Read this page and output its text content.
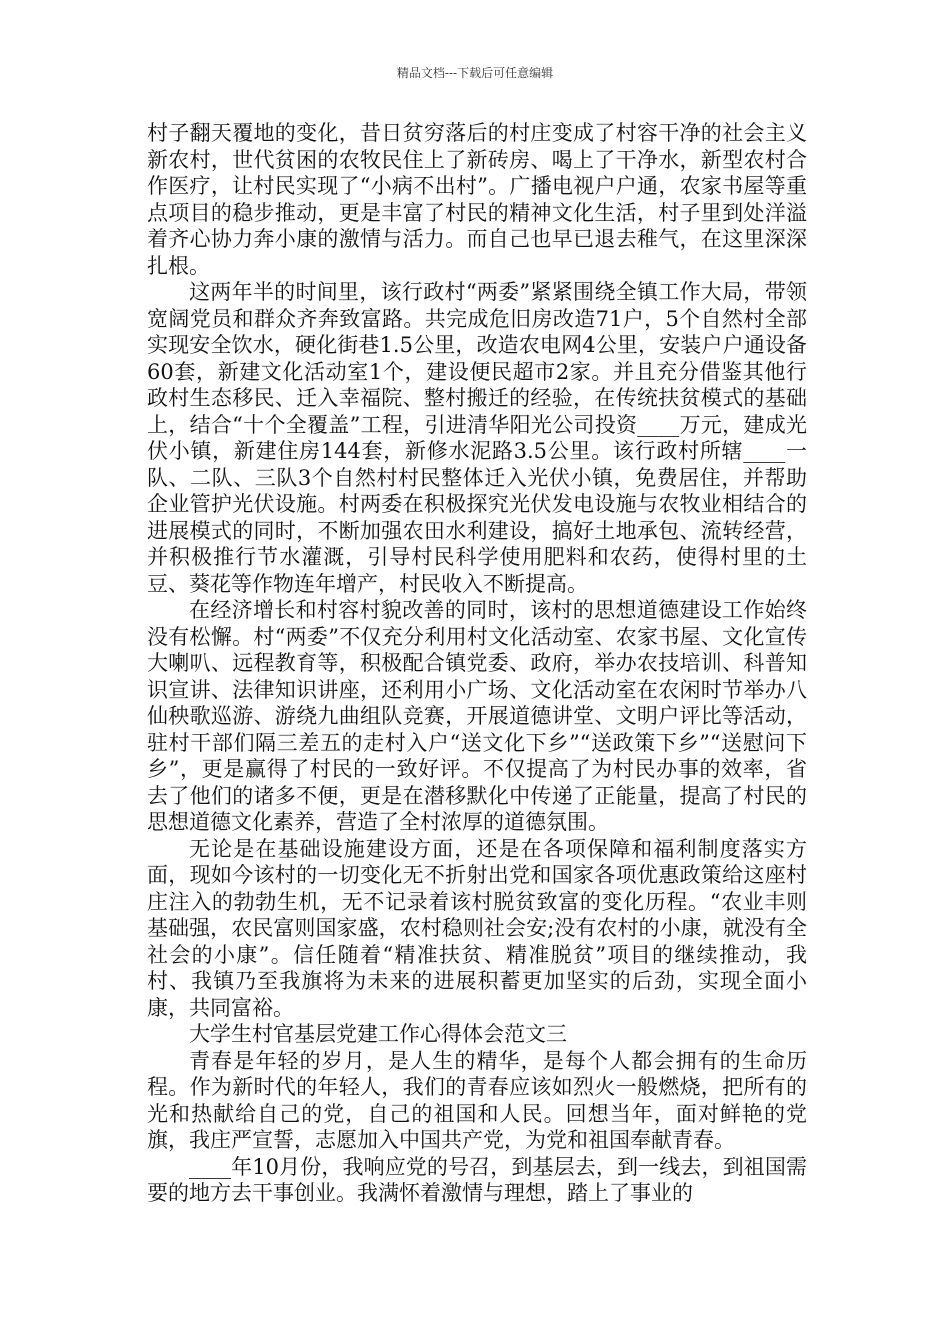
精品文档---下载后可任意编辑

村子翻天覆地的变化，昔日贫穷落后的村庄变成了村容干净的社会主义新农村，世代贫困的农牧民住上了新砖房、喝上了干净水，新型农村合作医疗，让村民实现了“小病不出村”。广播电视户户通，农家书屋等重点项目的稳步推动，更是丰富了村民的精神文化生活，村子里到处洋溢着齐心协力奔小康的激情与活力。而自己也早已退去稚气，在这里深深扎根。

这两年半的时间里，该行政村“两委”紧紧围绕全镇工作大局，带领宽阔党员和群众齐奔致富路。共完成危旧房改造71户，5个自然村全部实现安全饮水，硬化街巷1.5公里，改造农电网4公里，安装户户通设备60套，新建文化活动室1个，建设便民超市2家。并且充分借鉴其他行政村生态移民、迁入幸福院、整村搬迁的经验，在传统扶贫模式的基础上，结合“十个全覆盖”工程，引进清华阳光公司投资____万元，建成光伏小镇，新建住房144套，新修水泥路3.5公里。该行政村所辖____一队、二队、三队3个自然村村民整体迁入光伏小镇，免费居住，并帮助企业管护光伏设施。村两委在积极探究光伏发电设施与农牧业相结合的进展模式的同时，不断加强农田水利建设，搞好土地承包、流转经营，并积极推行节水灌溉，引导村民科学使用肥料和农药，使得村里的土豆、葵花等作物连年增产，村民收入不断提高。

在经济增长和村容村貌改善的同时，该村的思想道德建设工作始终没有松懈。村“两委”不仅充分利用村文化活动室、农家书屋、文化宣传大喇叭、远程教育等，积极配合镇党委、政府，举办农技培训、科普知识宣讲、法律知识讲座，还利用小广场、文化活动室在农闲时节举办八仙秧歌巡游、游绕九曲组队竞赛，开展道德讲堂、文明户评比等活动，驻村干部们隔三差五的走村入户“送文化下乡”“送政策下乡”“送慰问下乡”，更是赢得了村民的一致好评。不仅提高了为村民办事的效率，省去了他们的诸多不便，更是在潜移默化中传递了正能量，提高了村民的思想道德文化素养，营造了全村浓厚的道德氛围。

无论是在基础设施建设方面，还是在各项保障和福利制度落实方面，现如今该村的一切变化无不折射出党和国家各项优惠政策给这座村庄注入的勃勃生机，无不记录着该村脱贫致富的变化历程。“农业丰则基础强，农民富则国家盛，农村稳则社会安;没有农村的小康，就没有全社会的小康”。信任随着“精准扶贫、精准脱贫”项目的继续推动，我村、我镇乃至我旗将为未来的进展积蓄更加坚实的后劲，实现全面小康，共同富裕。

大学生村官基层党建工作心得体会范文三

青春是年轻的岁月，是人生的精华，是每个人都会拥有的生命历程。作为新时代的年轻人，我们的青春应该如烈火一般燃烧，把所有的光和热献给自己的党，自己的祖国和人民。回想当年，面对鲜艳的党旗，我庄严宣誓，志愿加入中国共产党，为党和祖国奉献青春。

____年10月份，我响应党的号召，到基层去，到一线去，到祖国需要的地方去干事创业。我满怀着激情与理想，踏上了事业的
